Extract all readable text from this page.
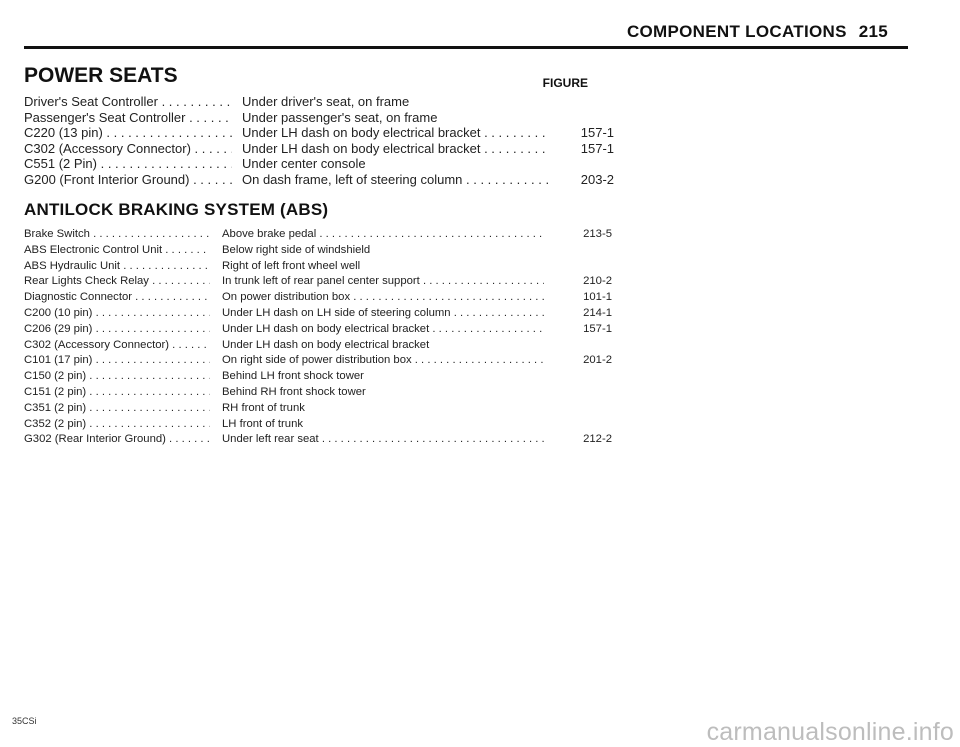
COMPONENT LOCATIONS 215
POWER SEATS	FIGURE
Driver's Seat Controller . . .	Under driver's seat, on frame
Passenger's Seat Controller . . .	Under passenger's seat, on frame
C220 (13 pin) . . .	Under LH dash on body electrical bracket . . .	157-1
C302 (Accessory Connector) . . .	Under LH dash on body electrical bracket . . .	157-1
C551 (2 Pin) . . .	Under center console
G200 (Front Interior Ground) . . .	On dash frame, left of steering column . . .	203-2
ANTILOCK BRAKING SYSTEM (ABS)
Brake Switch . . .	Above brake pedal . . .	213-5
ABS Electronic Control Unit . . .	Below right side of windshield
ABS Hydraulic Unit . . .	Right of left front wheel well
Rear Lights Check Relay . . .	In trunk left of rear panel center support . . .	210-2
Diagnostic Connector . . .	On power distribution box . . .	101-1
C200 (10 pin) . . .	Under LH dash on LH side of steering column . . .	214-1
C206 (29 pin) . . .	Under LH dash on body electrical bracket . . .	157-1
C302 (Accessory Connector) . . .	Under LH dash on body electrical bracket
C101 (17 pin) . . .	On right side of power distribution box . . .	201-2
C150 (2 pin) . . .	Behind LH front shock tower
C151 (2 pin) . . .	Behind RH front shock tower
C351 (2 pin) . . .	RH front of trunk
C352 (2 pin) . . .	LH front of trunk
G302 (Rear Interior Ground) . . .	Under left rear seat . . .	212-2
35CSi	carmanualsonline.info
